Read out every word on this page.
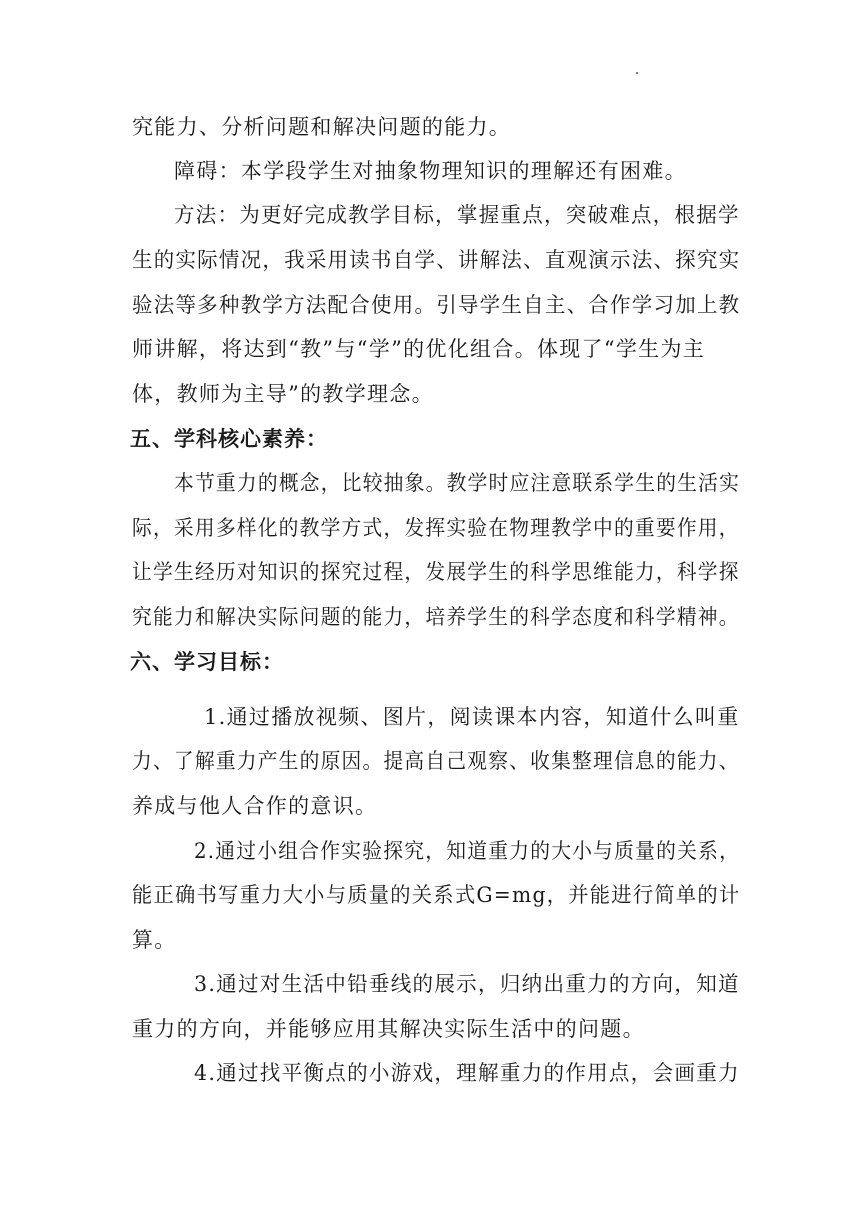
究能力、分析问题和解决问题的能力。
障碍：本学段学生对抽象物理知识的理解还有困难。
方法：为更好完成教学目标，掌握重点，突破难点，根据学
生的实际情况，我采用读书自学、讲解法、直观演示法、探究实
验法等多种教学方法配合使用。引导学生自主、合作学习加上教
师讲解，将达到“教”与“学”的优化组合。体现了“学生为主
体，教师为主导”的教学理念。
五、学科核心素养：
本节重力的概念，比较抽象。教学时应注意联系学生的生活实
际，采用多样化的教学方式，发挥实验在物理教学中的重要作用，
让学生经历对知识的探究过程，发展学生的科学思维能力，科学探
究能力和解决实际问题的能力，培养学生的科学态度和科学精神。
六、学习目标：
1.通过播放视频、图片，阅读课本内容，知道什么叫重
力、了解重力产生的原因。提高自己观察、收集整理信息的能力、
养成与他人合作的意识。
2.通过小组合作实验探究，知道重力的大小与质量的关系，
能正确书写重力大小与质量的关系式G=mg，并能进行简单的计
算。
3.通过对生活中铅垂线的展示，归纳出重力的方向，知道
重力的方向，并能够应用其解决实际生活中的问题。
4.通过找平衡点的小游戏，理解重力的作用点，会画重力
